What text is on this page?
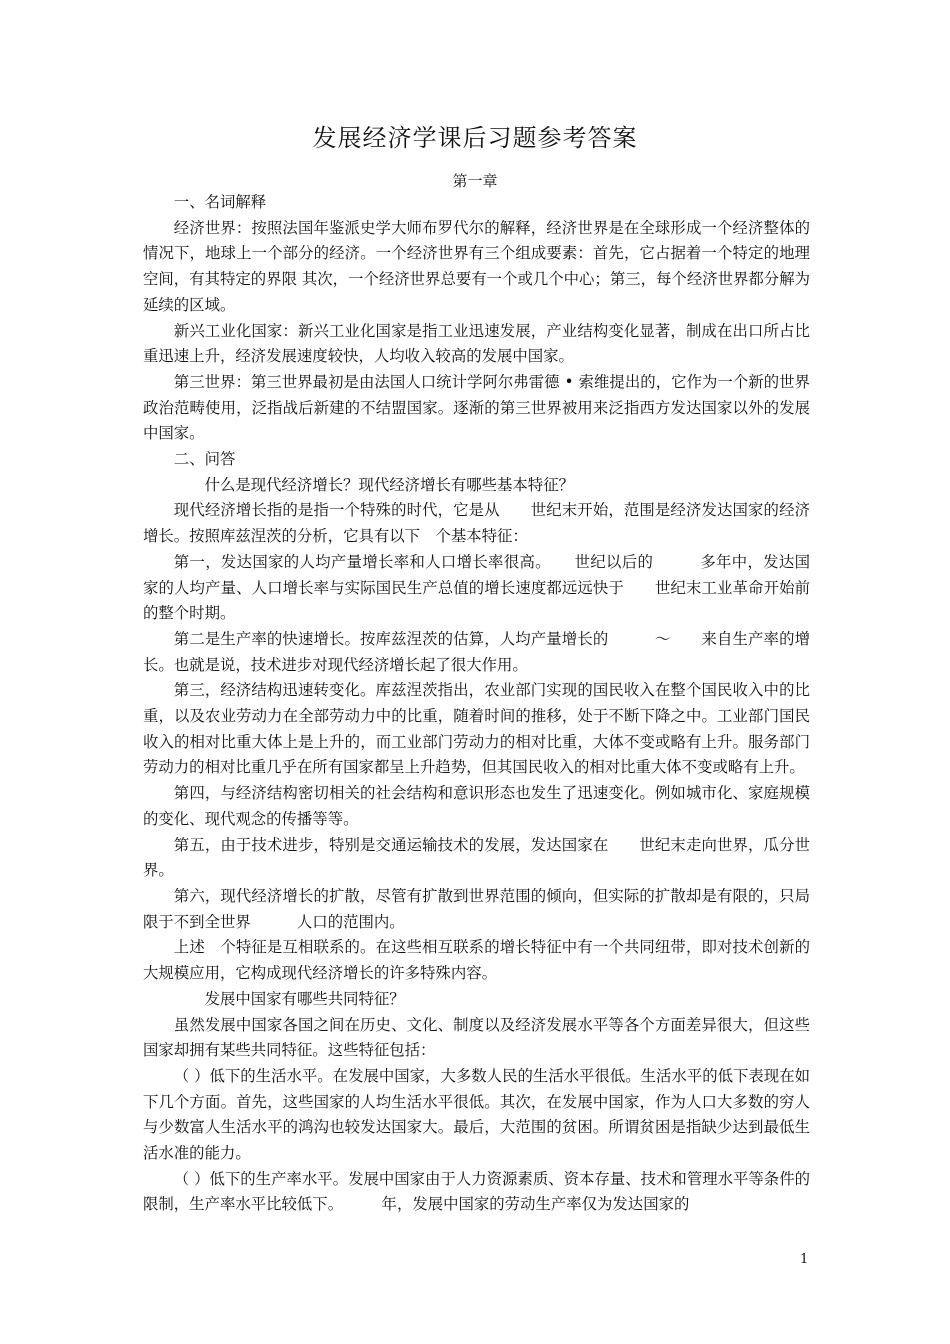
发展经济学课后习题参考答案
第一章

一、名词解释

经济世界：按照法国年鉴派史学大师布罗代尔的解释，经济世界是在全球形成一个经济整体的情况下，地球上一个部分的经济。一个经济世界有三个组成要素：首先，它占据着一个特定的地理空间，有其特定的界限 其次，一个经济世界总要有一个或几个中心；第三，每个经济世界都分解为延续的区域。

新兴工业化国家：新兴工业化国家是指工业迅速发展，产业结构变化显著，制成在出口所占比重迅速上升，经济发展速度较快，人均收入较高的发展中国家。

第三世界：第三世界最初是由法国人口统计学阿尔弗雷德 • 索维提出的，它作为一个新的世界政治范畴使用，泛指战后新建的不结盟国家。逐渐的第三世界被用来泛指西方发达国家以外的发展中国家。

二、问答

什么是现代经济增长？现代经济增长有哪些基本特征？

现代经济增长指的是指一个特殊的时代，它是从　　世纪末开始，范围是经济发达国家的经济增长。按照库兹涅茨的分析，它具有以下　个基本特征：

第一，发达国家的人均产量增长率和人口增长率很高。　　世纪以后的　　　多年中，发达国家的人均产量、人口增长率与实际国民生产总值的增长速度都远远快于　　世纪末工业革命开始前的整个时期。

第二是生产率的快速增长。按库兹涅茨的估算，人均产量增长的　　　～　　来自生产率的增长。也就是说，技术进步对现代经济增长起了很大作用。

第三，经济结构迅速转变化。库兹涅茨指出，农业部门实现的国民收入在整个国民收入中的比重，以及农业劳动力在全部劳动力中的比重，随着时间的推移，处于不断下降之中。工业部门国民收入的相对比重大体上是上升的，而工业部门劳动力的相对比重，大体不变或略有上升。服务部门劳动力的相对比重几乎在所有国家都呈上升趋势，但其国民收入的相对比重大体不变或略有上升。

第四，与经济结构密切相关的社会结构和意识形态也发生了迅速变化。例如城市化、家庭规模的变化、现代观念的传播等等。

第五，由于技术进步，特别是交通运输技术的发展，发达国家在　　世纪末走向世界，瓜分世界。

第六，现代经济增长的扩散，尽管有扩散到世界范围的倾向，但实际的扩散却是有限的，只局限于不到全世界　　　人口的范围内。

上述　个特征是互相联系的。在这些相互联系的增长特征中有一个共同纽带，即对技术创新的大规模应用，它构成现代经济增长的许多特殊内容。

发展中国家有哪些共同特征？

虽然发展中国家各国之间在历史、文化、制度以及经济发展水平等各个方面差异很大，但这些国家却拥有某些共同特征。这些特征包括：

（ ）低下的生活水平。在发展中国家，大多数人民的生活水平很低。生活水平的低下表现在如下几个方面。首先，这些国家的人均生活水平很低。其次，在发展中国家，作为人口大多数的穷人与少数富人生活水平的鸿沟也较发达国家大。最后，大范围的贫困。所谓贫困是指缺少达到最低生活水准的能力。

（ ）低下的生产率水平。发展中国家由于人力资源素质、资本存量、技术和管理水平等条件的限制，生产率水平比较低下。　　　年，发展中国家的劳动生产率仅为发达国家的

1
